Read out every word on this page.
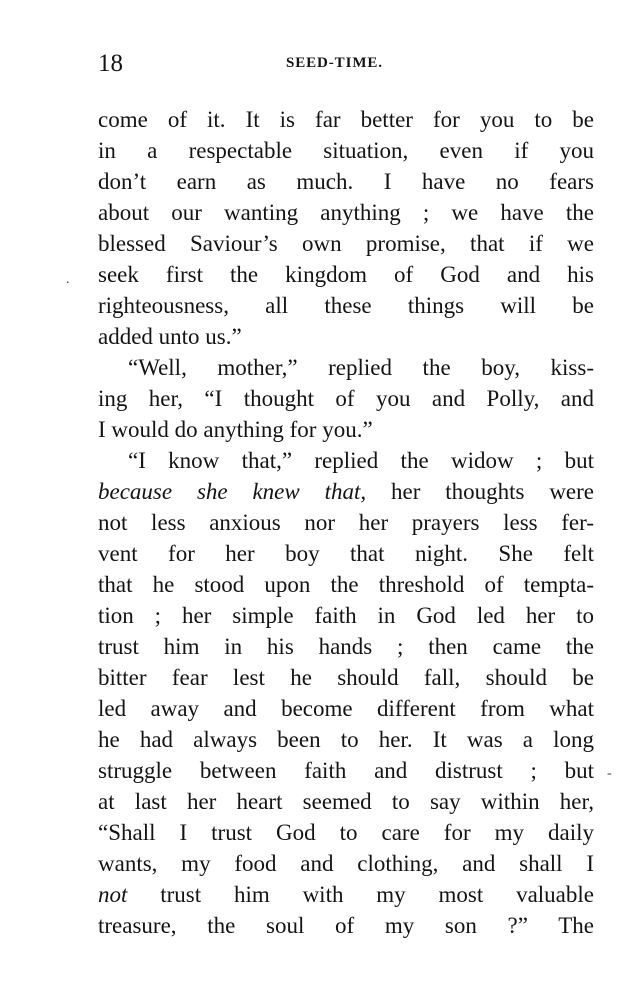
18	SEED-TIME.
come of it. It is far better for you to be
in a respectable situation, even if you
don’t earn as much. I have no fears
about our wanting anything ; we have the
blessed Saviour’s own promise, that if we
seek first the kingdom of God and his
righteousness, all these things will be
added unto us.”
“Well, mother,” replied the boy, kiss-
ing her, “I thought of you and Polly, and
I would do anything for you.”
“I know that,” replied the widow ; but
because she knew that, her thoughts were
not less anxious nor her prayers less fer-
vent for her boy that night. She felt
that he stood upon the threshold of tempta-
tion ; her simple faith in God led her to
trust him in his hands ; then came the
bitter fear lest he should fall, should be
led away and become different from what
he had always been to her. It was a long
struggle between faith and distrust ; but
at last her heart seemed to say within her,
“Shall I trust God to care for my daily
wants, my food and clothing, and shall I
not trust him with my most valuable
treasure, the soul of my son ?” The
.
-
